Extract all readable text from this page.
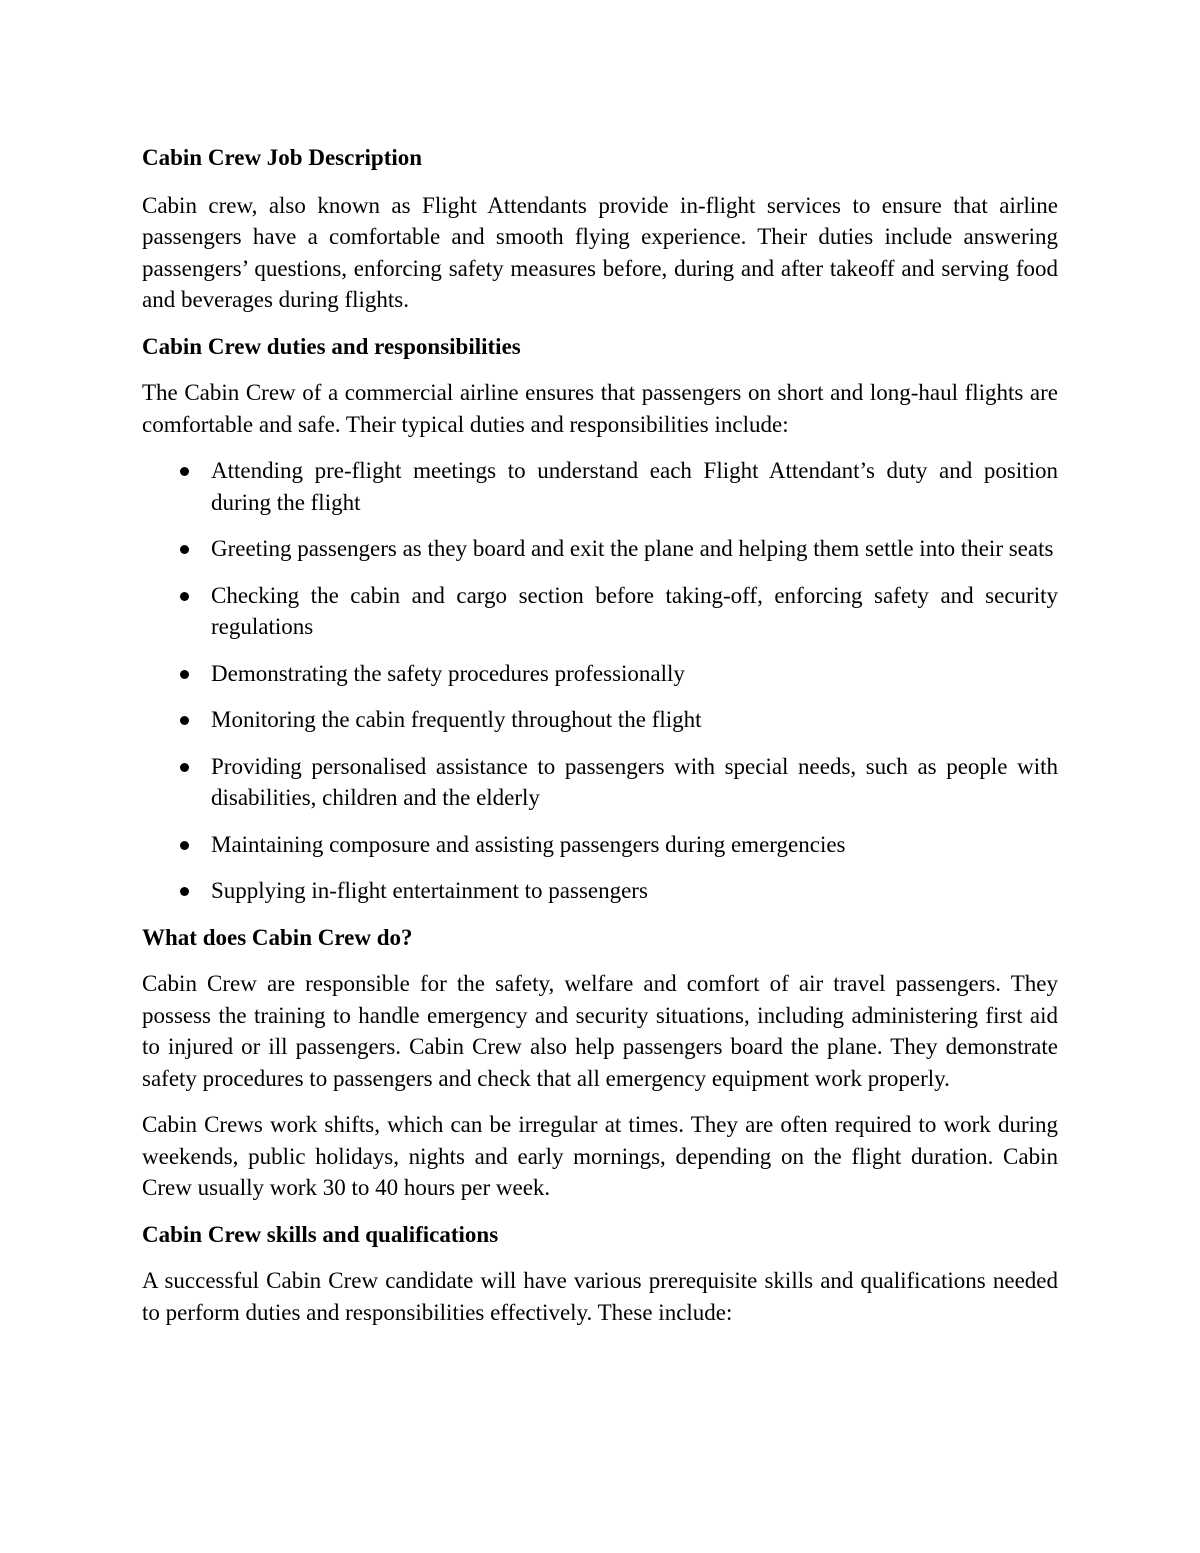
Cabin Crew Job Description

Cabin crew, also known as Flight Attendants provide in-flight services to ensure that airline passengers have a comfortable and smooth flying experience. Their duties include answering passengers’ questions, enforcing safety measures before, during and after takeoff and serving food and beverages during flights.

Cabin Crew duties and responsibilities

The Cabin Crew of a commercial airline ensures that passengers on short and long-haul flights are comfortable and safe. Their typical duties and responsibilities include:

Attending pre-flight meetings to understand each Flight Attendant’s duty and position during the flight
Greeting passengers as they board and exit the plane and helping them settle into their seats
Checking the cabin and cargo section before taking-off, enforcing safety and security regulations
Demonstrating the safety procedures professionally
Monitoring the cabin frequently throughout the flight
Providing personalised assistance to passengers with special needs, such as people with disabilities, children and the elderly
Maintaining composure and assisting passengers during emergencies
Supplying in-flight entertainment to passengers
What does Cabin Crew do?

Cabin Crew are responsible for the safety, welfare and comfort of air travel passengers. They possess the training to handle emergency and security situations, including administering first aid to injured or ill passengers. Cabin Crew also help passengers board the plane. They demonstrate safety procedures to passengers and check that all emergency equipment work properly.

Cabin Crews work shifts, which can be irregular at times. They are often required to work during weekends, public holidays, nights and early mornings, depending on the flight duration. Cabin Crew usually work 30 to 40 hours per week.

Cabin Crew skills and qualifications

A successful Cabin Crew candidate will have various prerequisite skills and qualifications needed to perform duties and responsibilities effectively. These include:
